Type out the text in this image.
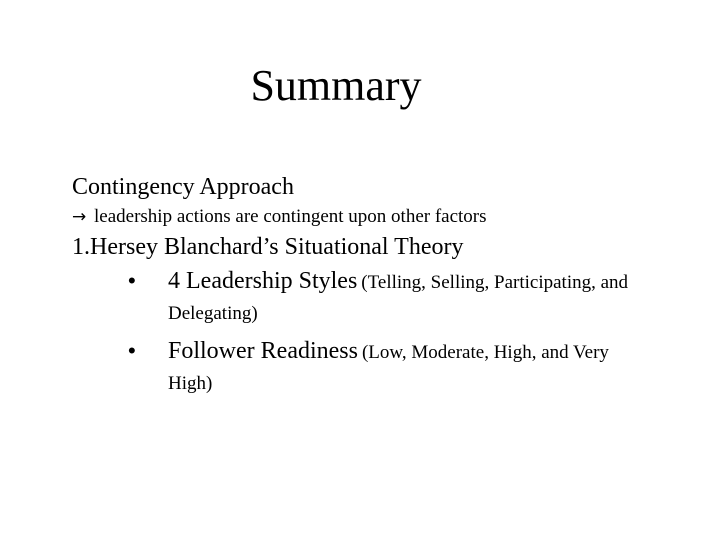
Summary
Contingency Approach
→ leadership actions are contingent upon other factors
1.Hersey Blanchard’s Situational Theory
• 4 Leadership Styles (Telling, Selling, Participating, and Delegating)
• Follower Readiness (Low, Moderate, High, and Very High)
